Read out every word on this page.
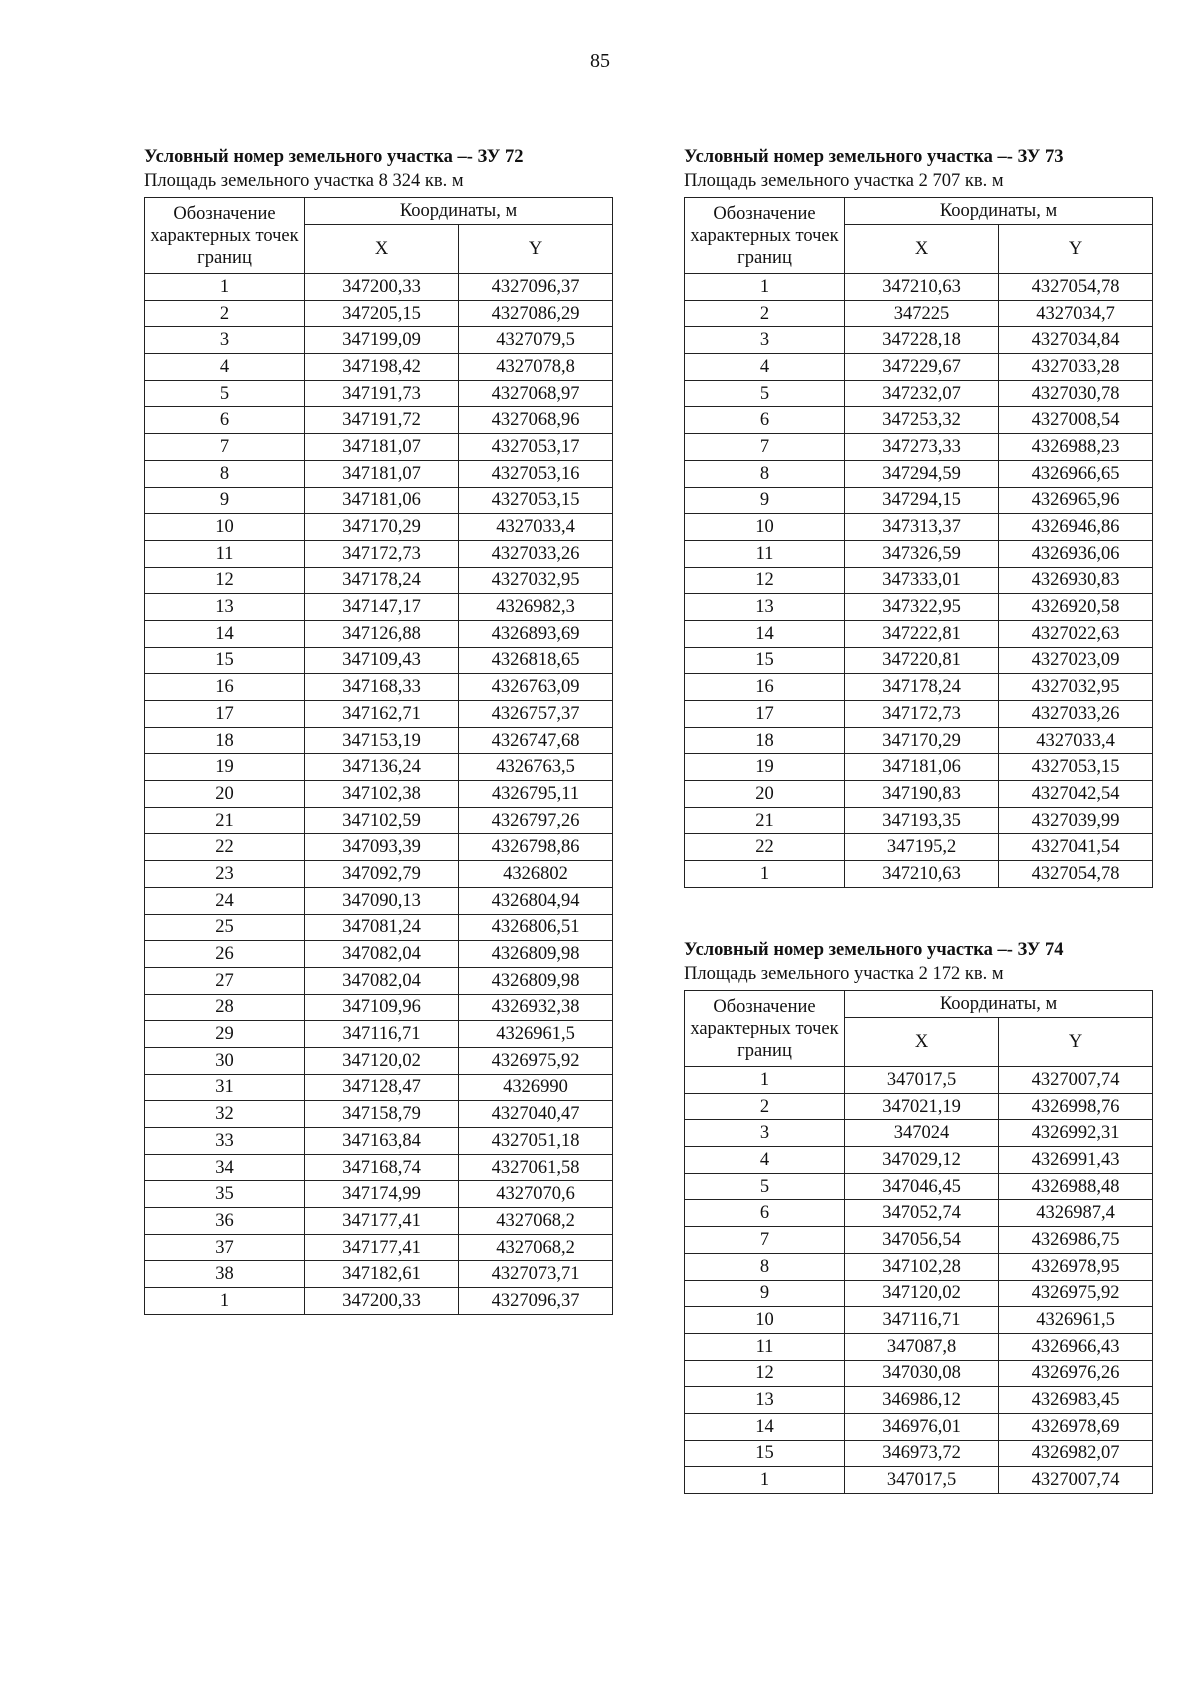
85
Условный номер земельного участка –- ЗУ 72
Площадь земельного участка 8 324 кв. м
Обозначение характерных точек границ	Координаты, м	
	X	Y
1	347200,33	4327096,37
2	347205,15	4327086,29
3	347199,09	4327079,5
4	347198,42	4327078,8
5	347191,73	4327068,97
6	347191,72	4327068,96
7	347181,07	4327053,17
8	347181,07	4327053,16
9	347181,06	4327053,15
10	347170,29	4327033,4
11	347172,73	4327033,26
12	347178,24	4327032,95
13	347147,17	4326982,3
14	347126,88	4326893,69
15	347109,43	4326818,65
16	347168,33	4326763,09
17	347162,71	4326757,37
18	347153,19	4326747,68
19	347136,24	4326763,5
20	347102,38	4326795,11
21	347102,59	4326797,26
22	347093,39	4326798,86
23	347092,79	4326802
24	347090,13	4326804,94
25	347081,24	4326806,51
26	347082,04	4326809,98
27	347082,04	4326809,98
28	347109,96	4326932,38
29	347116,71	4326961,5
30	347120,02	4326975,92
31	347128,47	4326990
32	347158,79	4327040,47
33	347163,84	4327051,18
34	347168,74	4327061,58
35	347174,99	4327070,6
36	347177,41	4327068,2
37	347177,41	4327068,2
38	347182,61	4327073,71
1	347200,33	4327096,37
Условный номер земельного участка –- ЗУ 73
Площадь земельного участка 2 707 кв. м
Обозначение характерных точек границ	Координаты, м	
	X	Y
1	347210,63	4327054,78
2	347225	4327034,7
3	347228,18	4327034,84
4	347229,67	4327033,28
5	347232,07	4327030,78
6	347253,32	4327008,54
7	347273,33	4326988,23
8	347294,59	4326966,65
9	347294,15	4326965,96
10	347313,37	4326946,86
11	347326,59	4326936,06
12	347333,01	4326930,83
13	347322,95	4326920,58
14	347222,81	4327022,63
15	347220,81	4327023,09
16	347178,24	4327032,95
17	347172,73	4327033,26
18	347170,29	4327033,4
19	347181,06	4327053,15
20	347190,83	4327042,54
21	347193,35	4327039,99
22	347195,2	4327041,54
1	347210,63	4327054,78
Условный номер земельного участка –- ЗУ 74
Площадь земельного участка 2 172 кв. м
Обозначение характерных точек границ	Координаты, м	
	X	Y
1	347017,5	4327007,74
2	347021,19	4326998,76
3	347024	4326992,31
4	347029,12	4326991,43
5	347046,45	4326988,48
6	347052,74	4326987,4
7	347056,54	4326986,75
8	347102,28	4326978,95
9	347120,02	4326975,92
10	347116,71	4326961,5
11	347087,8	4326966,43
12	347030,08	4326976,26
13	346986,12	4326983,45
14	346976,01	4326978,69
15	346973,72	4326982,07
1	347017,5	4327007,74
